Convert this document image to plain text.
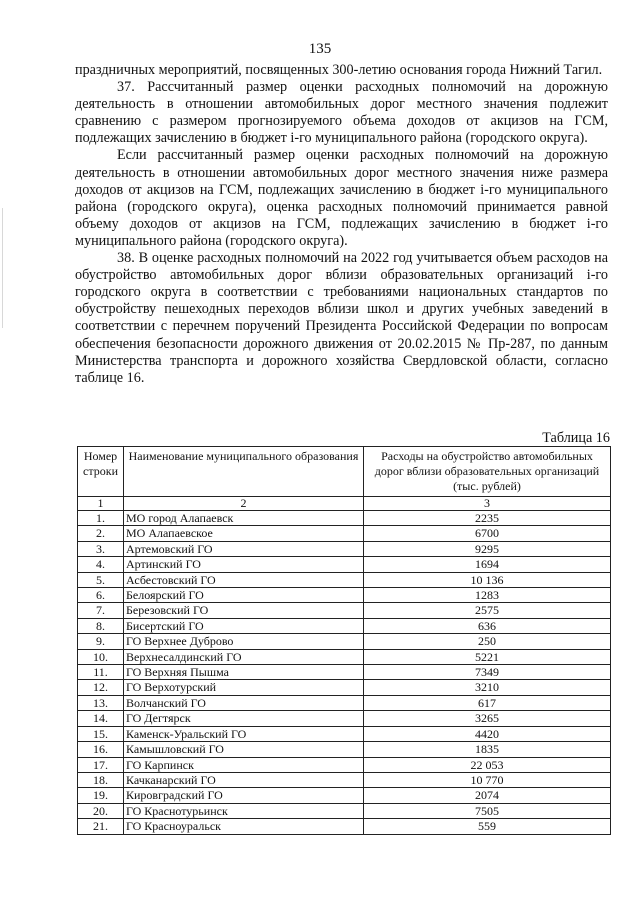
135

праздничных мероприятий, посвященных 300-летию основания города Нижний Тагил.

37. Рассчитанный размер оценки расходных полномочий на дорожную деятельность в отношении автомобильных дорог местного значения подлежит сравнению с размером прогнозируемого объема доходов от акцизов на ГСМ, подлежащих зачислению в бюджет i-го муниципального района (городского округа).

Если рассчитанный размер оценки расходных полномочий на дорожную деятельность в отношении автомобильных дорог местного значения ниже размера доходов от акцизов на ГСМ, подлежащих зачислению в бюджет i-го муниципального района (городского округа), оценка расходных полномочий принимается равной объему доходов от акцизов на ГСМ, подлежащих зачислению в бюджет i-го муниципального района (городского округа).

38. В оценке расходных полномочий на 2022 год учитывается объем расходов на обустройство автомобильных дорог вблизи образовательных организаций i-го городского округа в соответствии с требованиями национальных стандартов по обустройству пешеходных переходов вблизи школ и других учебных заведений в соответствии с перечнем поручений Президента Российской Федерации по вопросам обеспечения безопасности дорожного движения от 20.02.2015 № Пр-287, по данным Министерства транспорта и дорожного хозяйства Свердловской области, согласно таблице 16.

Таблица 16
Номер строки	Наименование муниципального образования	Расходы на обустройство автомобильных дорог вблизи образовательных организаций (тыс. рублей)
1	2	3
1.	МО город Алапаевск	2235
2.	МО Алапаевское	6700
3.	Артемовский ГО	9295
4.	Артинский ГО	1694
5.	Асбестовский ГО	10 136
6.	Белоярский ГО	1283
7.	Березовский ГО	2575
8.	Бисертский ГО	636
9.	ГО Верхнее Дуброво	250
10.	Верхнесалдинский ГО	5221
11.	ГО Верхняя Пышма	7349
12.	ГО Верхотурский	3210
13.	Волчанский ГО	617
14.	ГО Дегтярск	3265
15.	Каменск-Уральский ГО	4420
16.	Камышловский ГО	1835
17.	ГО Карпинск	22 053
18.	Качканарский ГО	10 770
19.	Кировградский ГО	2074
20.	ГО Краснотурьинск	7505
21.	ГО Красноуральск	559
